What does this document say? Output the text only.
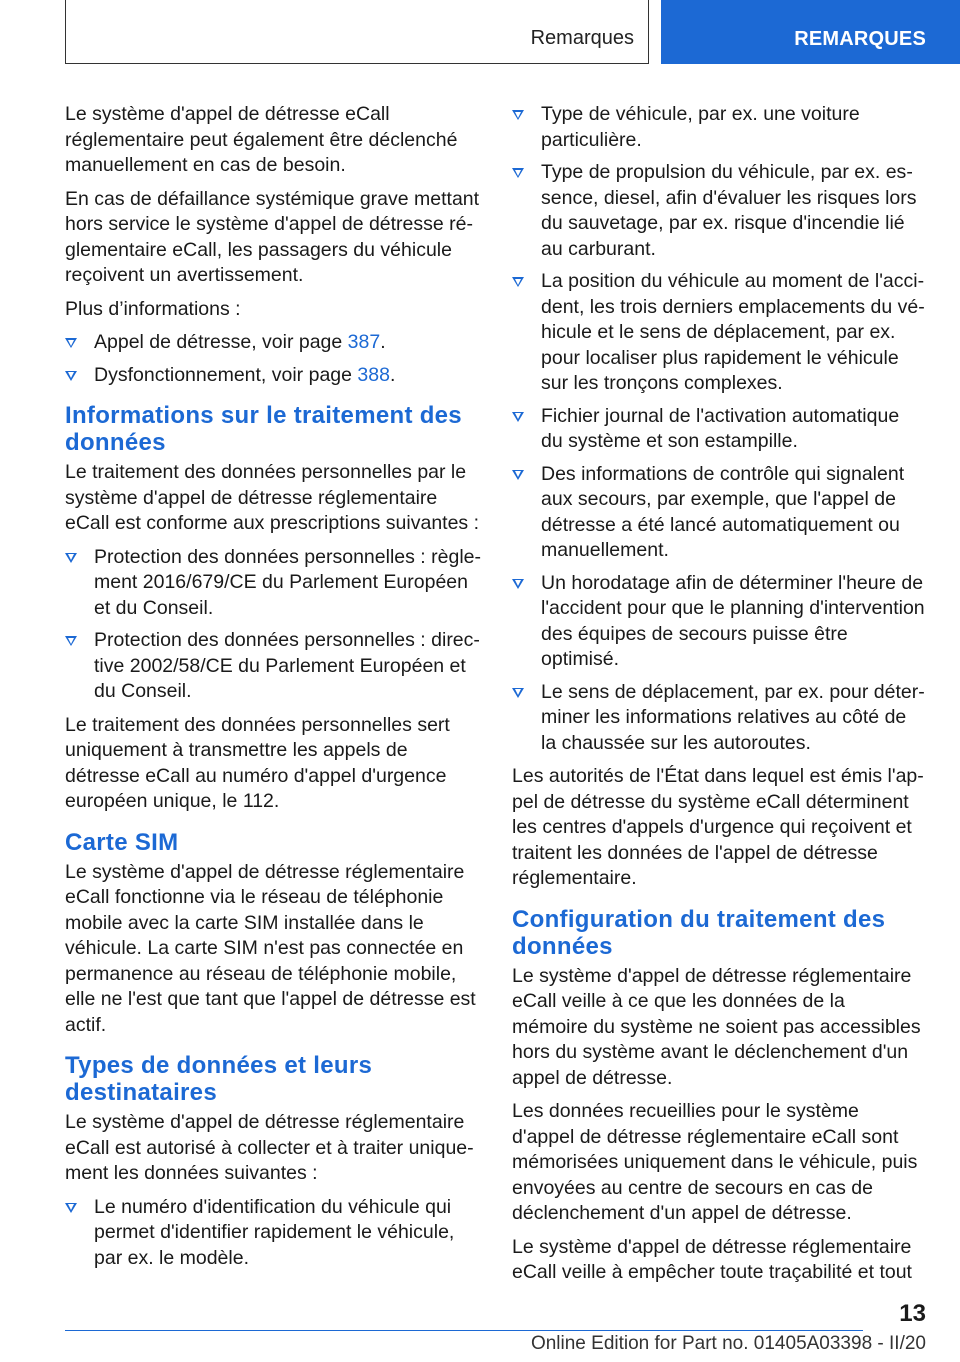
Remarques	REMARQUES

Le système d'appel de détresse eCall réglementaire peut également être déclenché manuellement en cas de besoin.

En cas de défaillance systémique grave mettant hors service le système d'appel de détresse réglementaire eCall, les passagers du véhicule reçoivent un avertissement.

Plus d’informations :

Appel de détresse, voir page 387.
Dysfonctionnement, voir page 388.
Informations sur le traitement des données

Le traitement des données personnelles par le système d'appel de détresse réglementaire eCall est conforme aux prescriptions suivantes :

Protection des données personnelles : règlement 2016/679/CE du Parlement Européen et du Conseil.
Protection des données personnelles : directive 2002/58/CE du Parlement Européen et du Conseil.

Le traitement des données personnelles sert uniquement à transmettre les appels de détresse eCall au numéro d'appel d'urgence européen unique, le 112.

Carte SIM

Le système d'appel de détresse réglementaire eCall fonctionne via le réseau de téléphonie mobile avec la carte SIM installée dans le véhicule. La carte SIM n'est pas connectée en permanence au réseau de téléphonie mobile, elle ne l'est que tant que l'appel de détresse est actif.

Types de données et leurs destinataires

Le système d'appel de détresse réglementaire eCall est autorisé à collecter et à traiter uniquement les données suivantes :

Le numéro d'identification du véhicule qui permet d'identifier rapidement le véhicule, par ex. le modèle.
Type de véhicule, par ex. une voiture particulière.
Type de propulsion du véhicule, par ex. essence, diesel, afin d'évaluer les risques lors du sauvetage, par ex. risque d'incendie lié au carburant.
La position du véhicule au moment de l'accident, les trois derniers emplacements du véhicule et le sens de déplacement, par ex. pour localiser plus rapidement le véhicule sur les tronçons complexes.
Fichier journal de l'activation automatique du système et son estampille.
Des informations de contrôle qui signalent aux secours, par exemple, que l'appel de détresse a été lancé automatiquement ou manuellement.
Un horodatage afin de déterminer l'heure de l'accident pour que le planning d'intervention des équipes de secours puisse être optimisé.
Le sens de déplacement, par ex. pour déterminer les informations relatives au côté de la chaussée sur les autoroutes.

Les autorités de l'État dans lequel est émis l'appel de détresse du système eCall déterminent les centres d'appels d'urgence qui reçoivent et traitent les données de l'appel de détresse réglementaire.

Configuration du traitement des données

Le système d'appel de détresse réglementaire eCall veille à ce que les données de la mémoire du système ne soient pas accessibles hors du système avant le déclenchement d'un appel de détresse.

Les données recueillies pour le système d'appel de détresse réglementaire eCall sont mémorisées uniquement dans le véhicule, puis envoyées au centre de secours en cas de déclenchement d'un appel de détresse.

Le système d'appel de détresse réglementaire eCall veille à empêcher toute traçabilité et tout

13
Online Edition for Part no. 01405A03398 - II/20
